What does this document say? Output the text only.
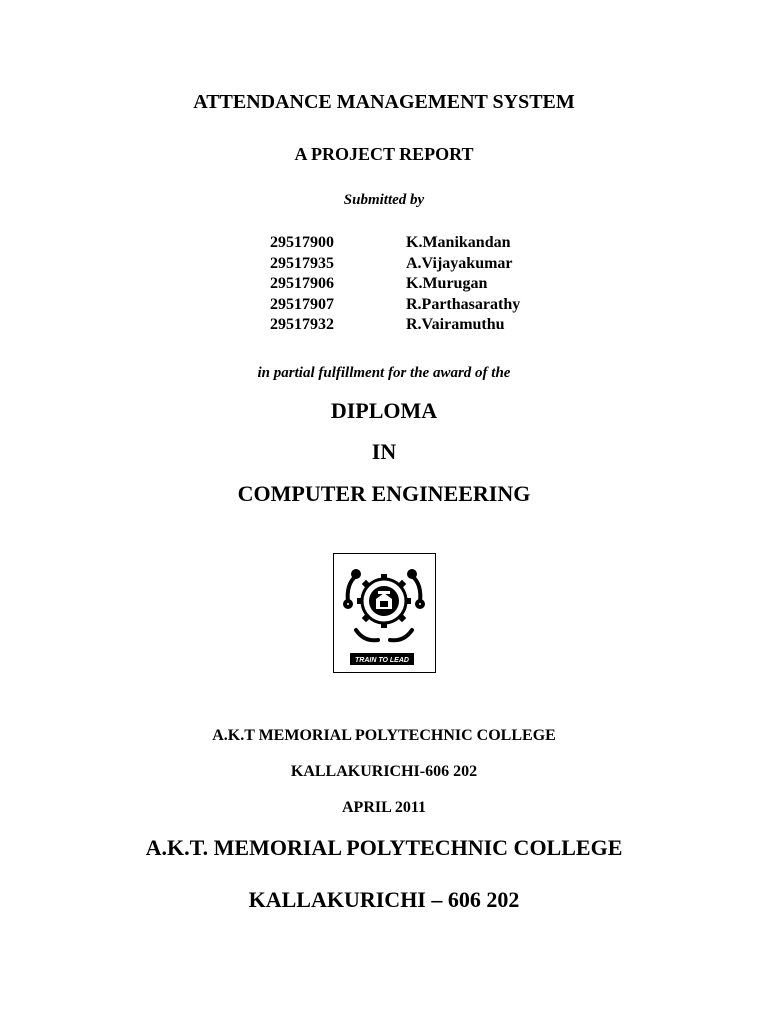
ATTENDANCE MANAGEMENT SYSTEM
A PROJECT REPORT
Submitted by
29517900	K.Manikandan
29517935	A.Vijayakumar
29517906	K.Murugan
29517907	R.Parthasarathy
29517932	R.Vairamuthu
in partial fulfillment for the award of the
DIPLOMA
IN
COMPUTER ENGINEERING
TRAIN TO LEAD
A.K.T MEMORIAL POLYTECHNIC COLLEGE
KALLAKURICHI-606 202
APRIL 2011
A.K.T. MEMORIAL POLYTECHNIC COLLEGE
KALLAKURICHI – 606 202
